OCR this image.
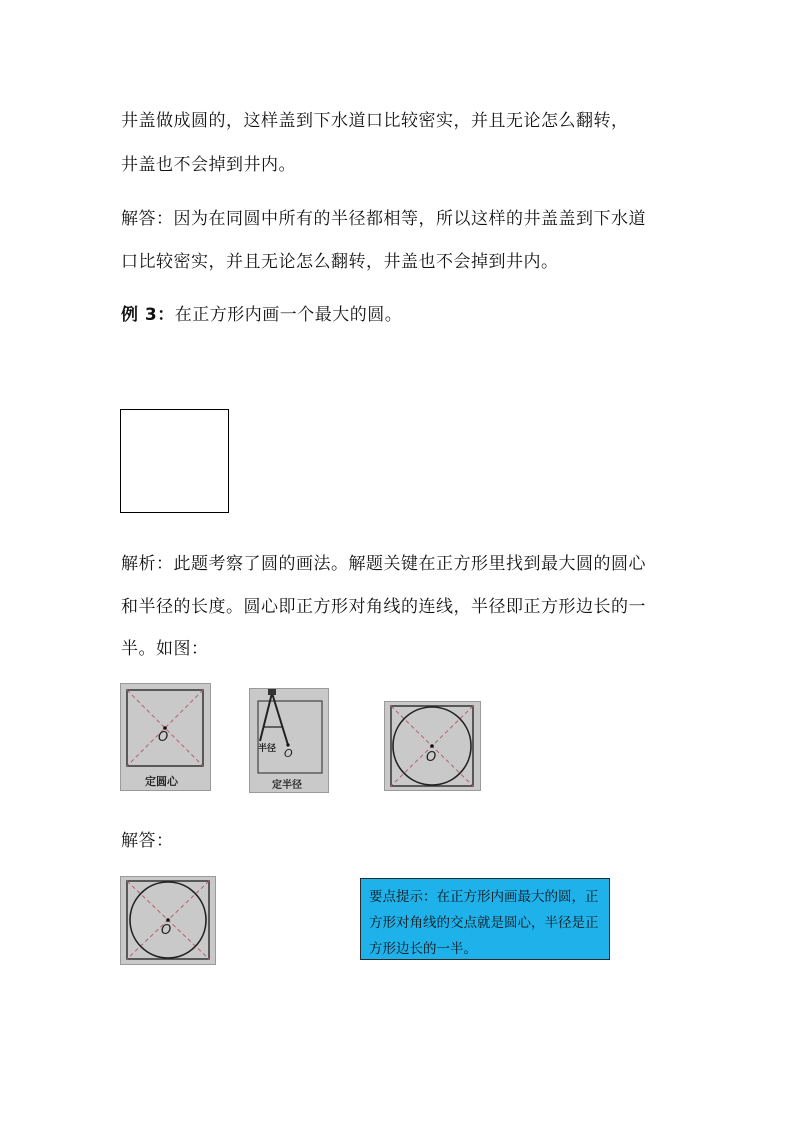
井盖做成圆的，这样盖到下水道口比较密实，并且无论怎么翻转，
井盖也不会掉到井内。
解答：因为在同圆中所有的半径都相等，所以这样的井盖盖到下水道
口比较密实，并且无论怎么翻转，井盖也不会掉到井内。
例 3：在正方形内画一个最大的圆。
解析：此题考察了圆的画法。解题关键在正方形里找到最大圆的圆心
和半径的长度。圆心即正方形对角线的连线，半径即正方形边长的一
半。如图：
O
定圆心
半径 O
定半径
O
解答：
O
要点提示：在正方形内画最大的圆，正方形对角线的交点就是圆心，半径是正方形边长的一半。
